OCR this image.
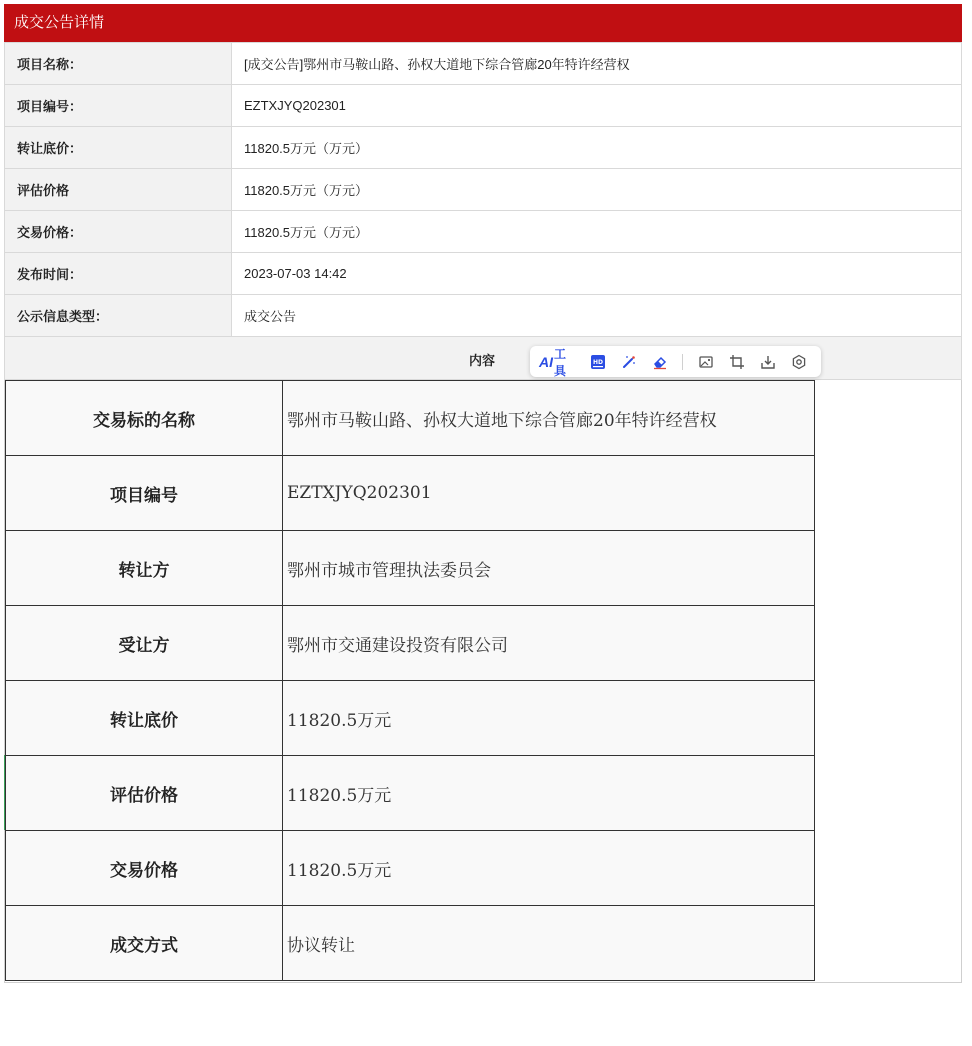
成交公告详情
项目名称：	[成交公告]鄂州市马鞍山路、孙权大道地下综合管廊20年特许经营权
项目编号：	EZTXJYQ202301
转让底价：	11820.5万元（万元）
评估价格	11820.5万元（万元）
交易价格：	11820.5万元（万元）
发布时间：	2023-07-03 14:42
公示信息类型：	成交公告
内容	AI 工具
HD
交易标的名称	鄂州市马鞍山路、孙权大道地下综合管廊20年特许经营权
项目编号	EZTXJYQ202301
转让方	鄂州市城市管理执法委员会
受让方	鄂州市交通建设投资有限公司
转让底价	11820.5万元
评估价格	11820.5万元
交易价格	11820.5万元
成交方式	协议转让
